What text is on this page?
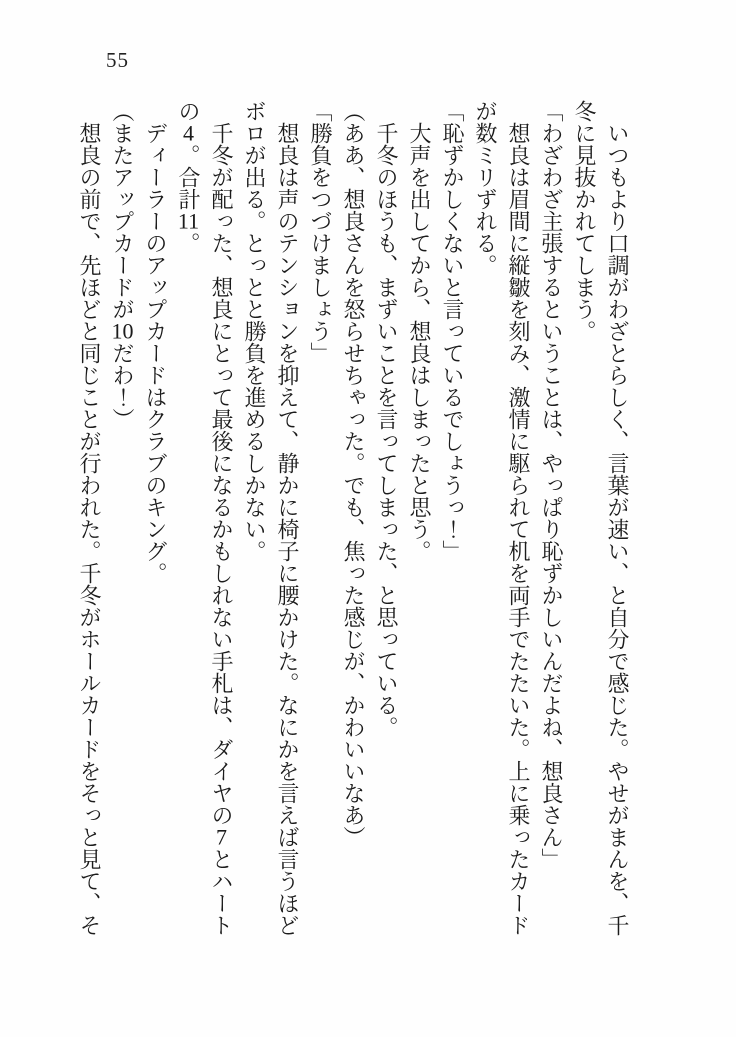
55

　いつもより口調がわざとらしく、言葉が速い、と自分で感じた。やせがまんを、千冬に見抜かれてしまう。

「わざわざ主張するということは、やっぱり恥ずかしいんだよね、想良さん」

　想良は眉間に縦皺を刻み、激情に駆られて机を両手でたたいた。上に乗ったカードが数ミリずれる。

「恥ずかしくないと言っているでしょうっ！」

　大声を出してから、想良はしまったと思う。

　千冬のほうも、まずいことを言ってしまった、と思っている。

（ああ、想良さんを怒らせちゃった。でも、焦った感じが、かわいいなあ）

「勝負をつづけましょう」

　想良は声のテンションを抑えて、静かに椅子に腰かけた。なにかを言えば言うほどボロが出る。とっとと勝負を進めるしかない。

　千冬が配った、想良にとって最後になるかもしれない手札は、ダイヤの7とハートの4。合計11。

　ディーラーのアップカードはクラブのキング。

（またアップカードが10だわ！）

　想良の前で、先ほどと同じことが行われた。千冬がホールカードをそっと見て、そ
